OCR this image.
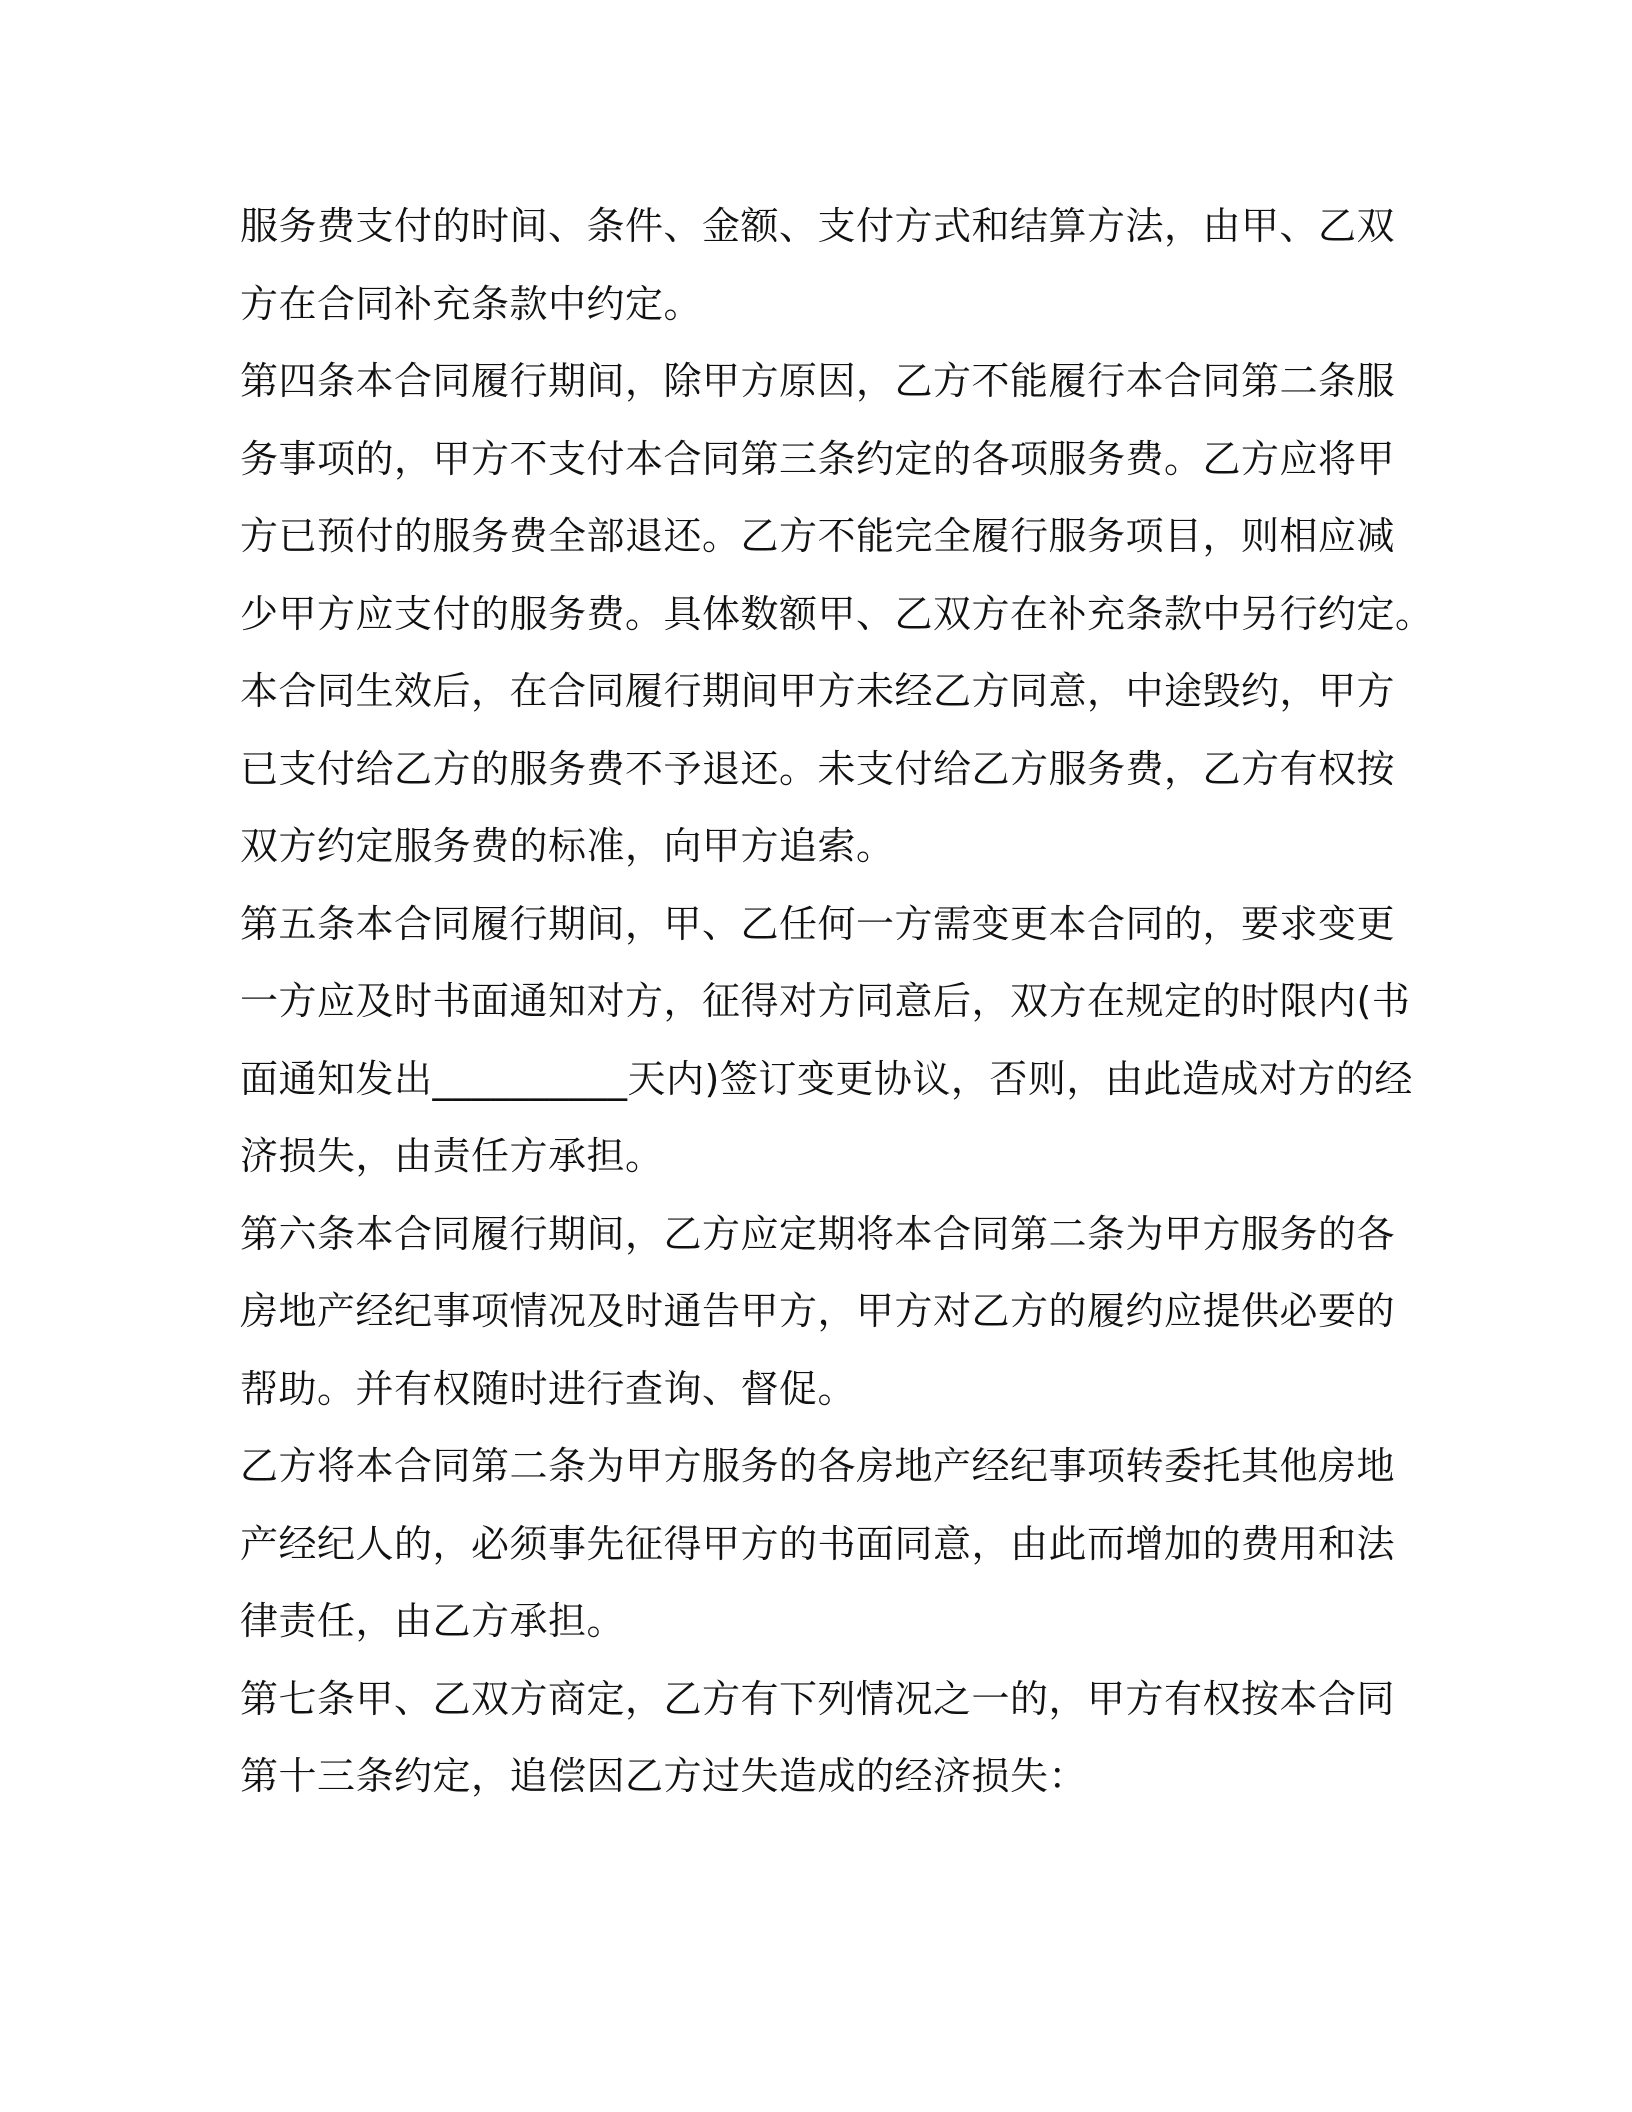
服务费支付的时间、条件、金额、支付方式和结算方法，由甲、乙双
方在合同补充条款中约定。
第四条本合同履行期间，除甲方原因，乙方不能履行本合同第二条服
务事项的，甲方不支付本合同第三条约定的各项服务费。乙方应将甲
方已预付的服务费全部退还。乙方不能完全履行服务项目，则相应减
少甲方应支付的服务费。具体数额甲、乙双方在补充条款中另行约定。
本合同生效后，在合同履行期间甲方未经乙方同意，中途毁约，甲方
已支付给乙方的服务费不予退还。未支付给乙方服务费，乙方有权按
双方约定服务费的标准，向甲方追索。
第五条本合同履行期间，甲、乙任何一方需变更本合同的，要求变更
一方应及时书面通知对方，征得对方同意后，双方在规定的时限内(书
面通知发出__________天内)签订变更协议，否则，由此造成对方的经
济损失，由责任方承担。
第六条本合同履行期间，乙方应定期将本合同第二条为甲方服务的各
房地产经纪事项情况及时通告甲方，甲方对乙方的履约应提供必要的
帮助。并有权随时进行查询、督促。
乙方将本合同第二条为甲方服务的各房地产经纪事项转委托其他房地
产经纪人的，必须事先征得甲方的书面同意，由此而增加的费用和法
律责任，由乙方承担。
第七条甲、乙双方商定，乙方有下列情况之一的，甲方有权按本合同
第十三条约定，追偿因乙方过失造成的经济损失：
